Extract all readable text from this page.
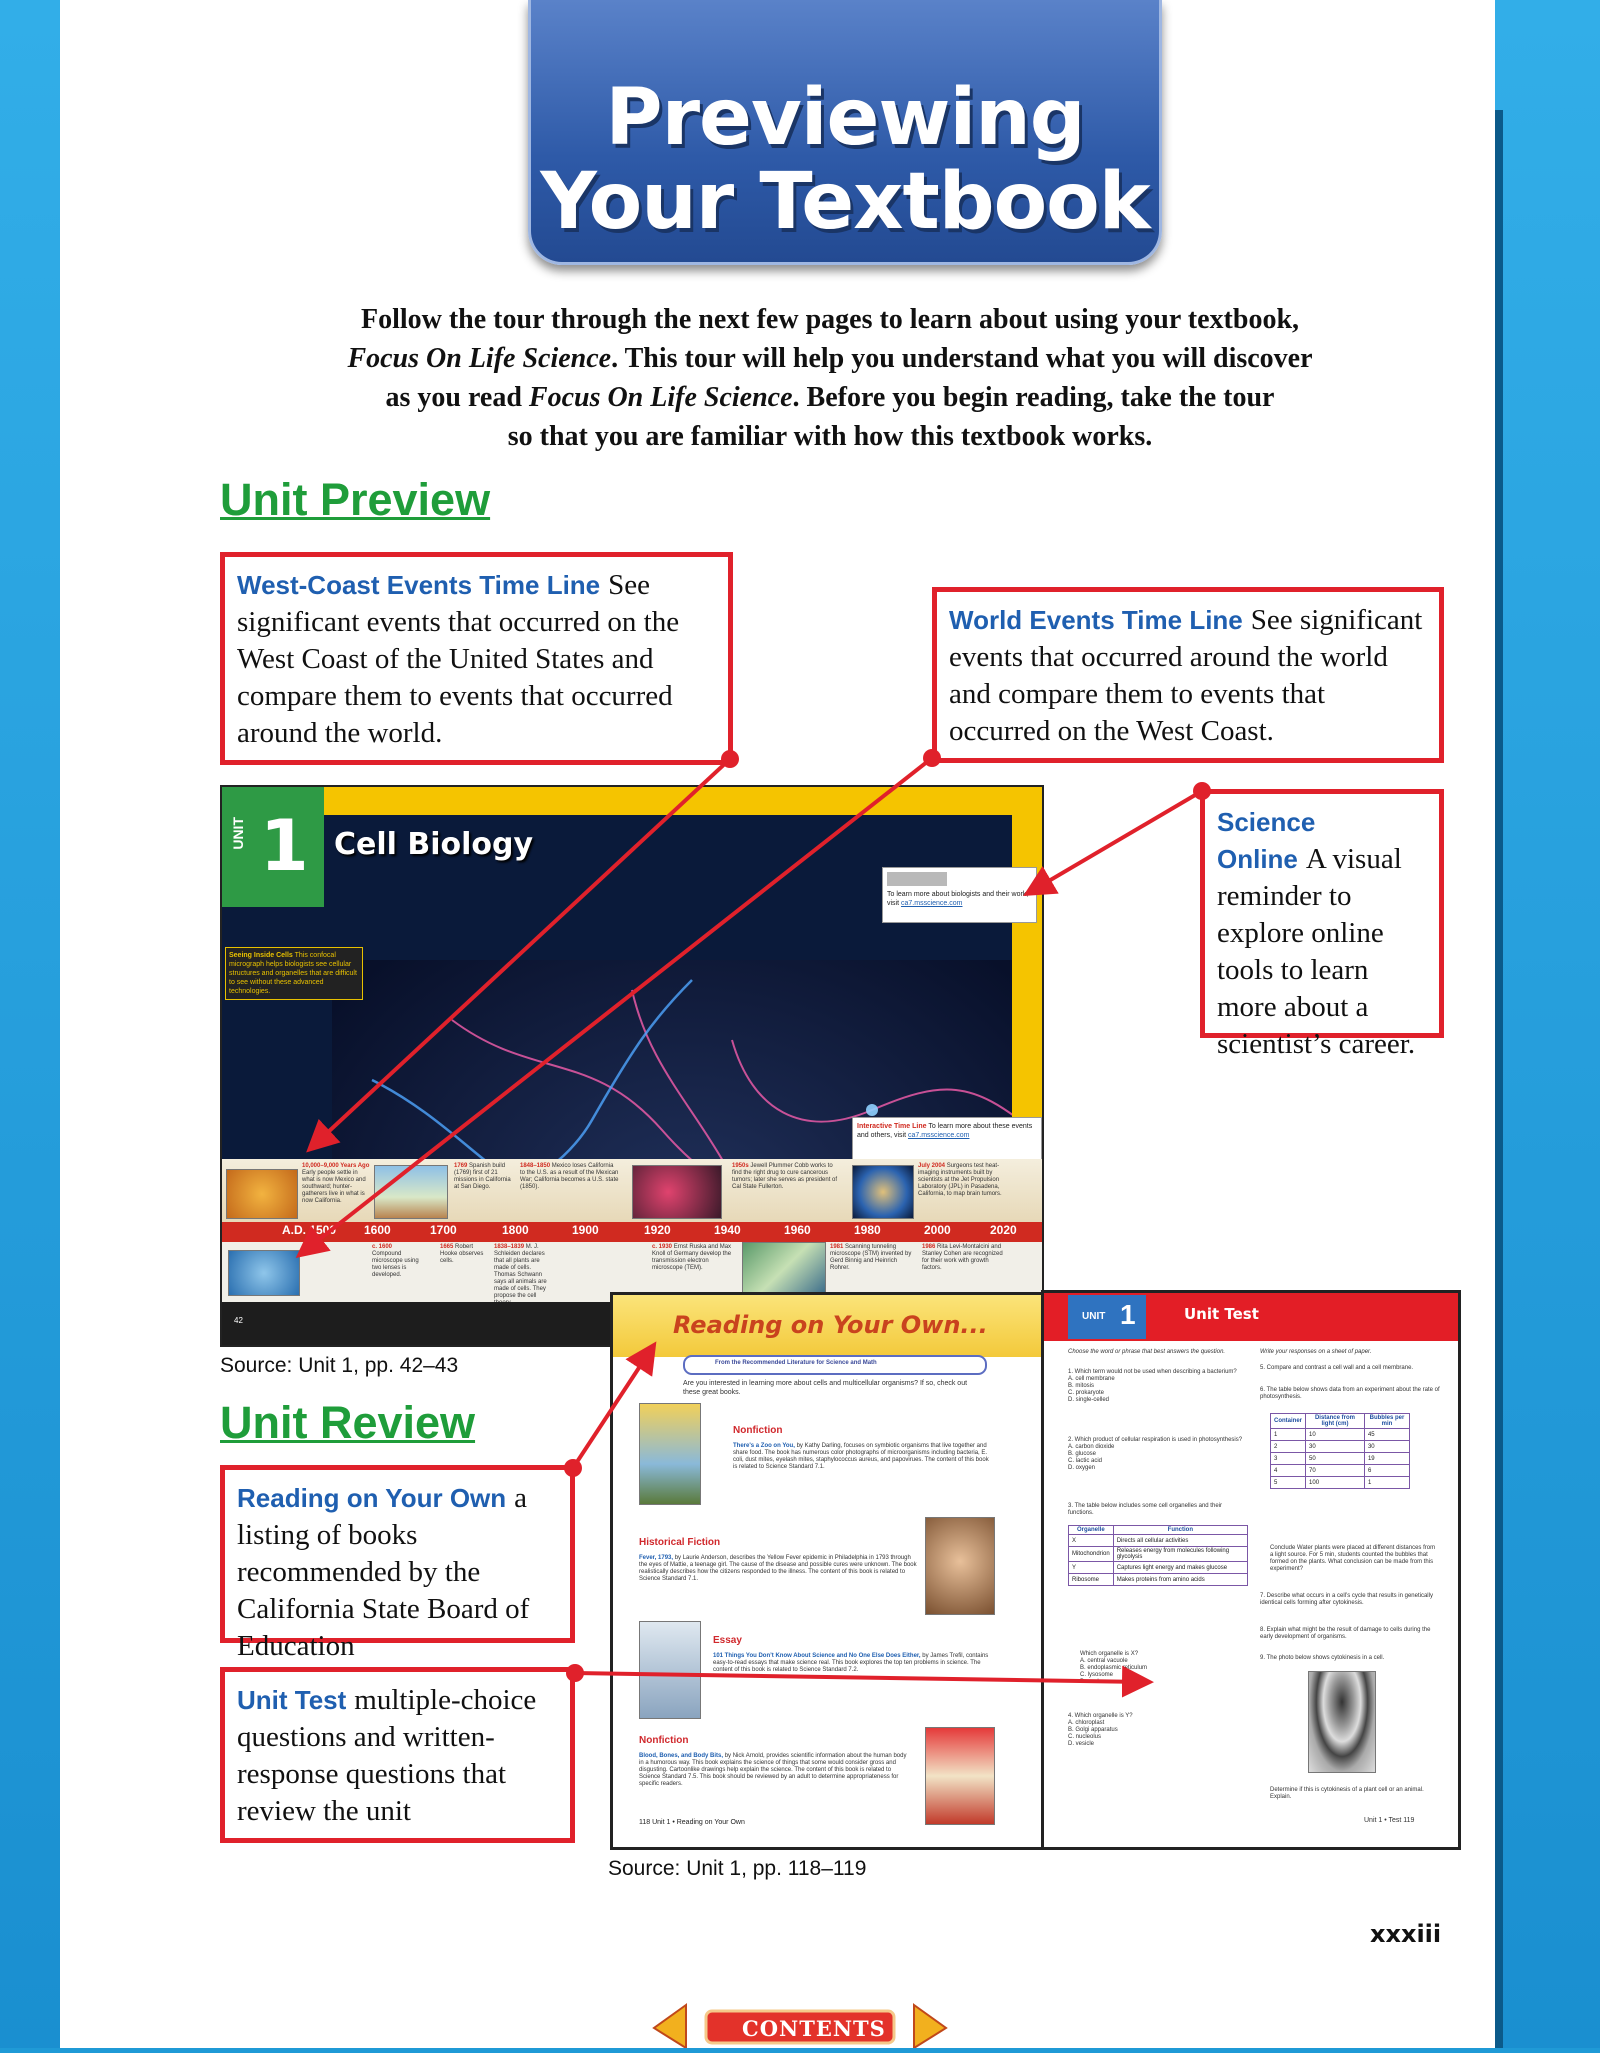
Previewing
Your Textbook
Follow the tour through the next few pages to learn about using your textbook,
Focus On Life Science. This tour will help you understand what you will discover
as you read Focus On Life Science. Before you begin reading, take the tour
so that you are familiar with how this textbook works.
Unit Preview
West-Coast Events Time Line See significant events that occurred on the West Coast of the United States and compare them to events that occurred around the world.
World Events Time Line See significant events that occurred around the world and compare them to events that occurred on the West Coast.
Science Online A visual reminder to explore online tools to learn more about a scientist’s career.
UNIT 1 Cell Biology
Seeing Inside Cells This confocal micrograph helps biologists see cellular structures and organelles that are difficult to see without these advanced technologies.
To learn more about biologists and their work, visit ca7.msscience.com
Interactive Time Line To learn more about these events and others, visit ca7.msscience.com
10,000–9,000 Years Ago Early people settle in what is now Mexico and southward; hunter-gatherers live in what is now California.
1769 Spanish build (1769) first of 21 missions in California at San Diego.
1848–1850 Mexico loses California to the U.S. as a result of the Mexican War; California becomes a U.S. state (1850).
1950s Jewell Plummer Cobb works to find the right drug to cure cancerous tumors; later she serves as president of Cal State Fullerton.
July 2004 Surgeons test heat-imaging instruments built by scientists at the Jet Propulsion Laboratory (JPL) in Pasadena, California, to map brain tumors.
A.D. 1500 1600	1700	1800	1900	1920	1940	1960	1980	2000	2020
c. 1600 Compound microscope using two lenses is developed.
1665 Robert Hooke observes cells.
1838–1839 M. J. Schleiden declares that all plants are made of cells. Thomas Schwann says all animals are made of cells. They propose the cell
c. 1930 Ernst Ruska and Max Knoll of Germany develop the transmission electron microscope (TEM).
1981 Scanning tunneling microscope (STM) invented by Gerd Binnig and Heinrich Rohrer.
1986 Rita Levi-Montalcini and Stanley Cohen are recognized for their work with growth factors.
42
Source: Unit 1, pp. 42–43
Unit Review
Reading on Your Own a listing of books recommended by the California State Board of Education
Unit Test multiple-choice questions and written-response questions that review the unit
Reading on Your Own...
From the Recommended Literature for Science and Math
Are you interested in learning more about cells and multicellular organisms? If so, check out these great books.
Nonfiction
There's a Zoo on You, by Kathy Darling, focuses on symbiotic organisms that live together and share food. The book has numerous color photographs of microorganisms including bacteria, E. coli, dust mites, eyelash mites, staphylococcus aureus, and papovirues. The content of this book is related to Science Standard 7.1.
Historical Fiction
Fever, 1793, by Laurie Anderson, describes the Yellow Fever epidemic in Philadelphia in 1793 through the eyes of Mattie, a teenage girl. The cause of the disease and possible cures were unknown. The book realistically describes how the citizens responded to the illness. The content of this book is related to Science Standard 7.1.
Essay
101 Things You Don’t Know About Science and No One Else Does Either, by James Trefil, contains easy-to-read essays that make science real. This book explores the top ten problems in science. The content of this book is related to Science Standard 7.2.
Nonfiction
Blood, Bones, and Body Bits, by Nick Arnold, provides scientific information about the human body in a humorous way. This book explains the science of things that some would consider gross and disgusting. Cartoonlike drawings help explain the science. The content of this book is related to Science Standard 7.5. This book should be reviewed by an adult to determine appropriateness for specific readers.
118 Unit 1 • Reading on Your Own
UNIT 1	Unit Test
Choose the word or phrase that best answers the question.	Write your responses on a sheet of paper.
1. Which term would not be used when describing a bacterium?
A. cell membrane
B. mitosis
C. prokaryote
D. single-celled
2. Which product of cellular respiration is used in photosynthesis?
A. carbon dioxide
B. glucose
C. lactic acid
D. oxygen
3. The table below includes some cell organelles and their functions.
Organelle	Function
X	Directs all cellular activities
Mitochondrion	Releases energy from molecules following glycolysis
Y	Captures light energy and makes glucose
Ribosome	Makes proteins from amino acids
Which organelle is X?
A. central vacuole
B. endoplasmic reticulum
C. lysosome
D. nucleus
4. Which organelle is Y?
A. chloroplast
B. Golgi apparatus
C. nucleolus
D. vesicle
5. Compare and contrast a cell wall and a cell membrane.
6. The table below shows data from an experiment about the rate of photosynthesis.
Container	Distance from light (cm)	Bubbles per min
1	10	45
2	30	30
3	50	19
4	70	6
5	100	1
Conclude Water plants were placed at different distances from a light source. For 5 min, students counted the bubbles that formed on the plants. What conclusion can be made from this experiment?
7. Describe what occurs in a cell’s cycle that results in genetically identical cells forming after cytokinesis.
8. Explain what might be the result of damage to cells during the early development of organisms.
9. The photo below shows cytokinesis in a cell.
Determine if this is cytokinesis of a plant cell or an animal. Explain.
Unit 1 • Test 119
Source: Unit 1, pp. 118–119
xxxiii
CONTENTS
